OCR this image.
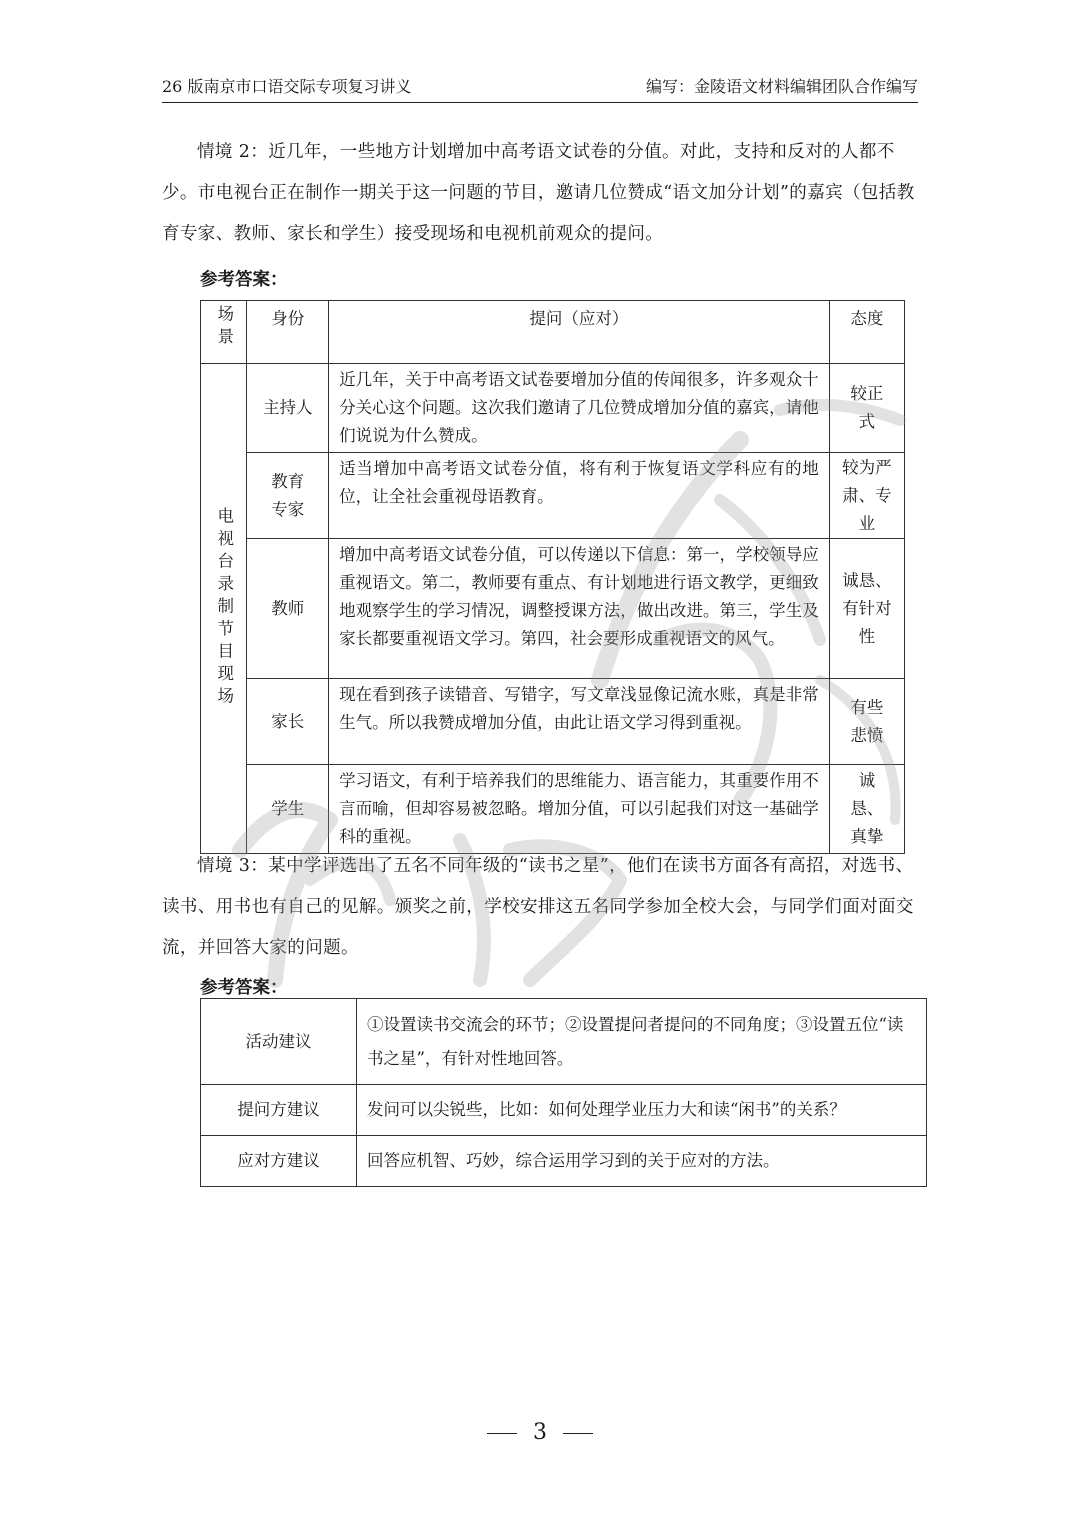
26 版南京市口语交际专项复习讲义	编写：金陵语文材料编辑团队合作编写

情境 2：近几年，一些地方计划增加中高考语文试卷的分值。对此，支持和反对的人都不少。市电视台正在制作一期关于这一问题的节目，邀请几位赞成“语文加分计划”的嘉宾（包括教育专家、教师、家长和学生）接受现场和电视机前观众的提问。

参考答案：
场景	身份	提问（应对）	态度

电视台录制节目现场	主持人	近几年，关于中高考语文试卷要增加分值的传闻很多，许多观众十分关心这个问题。这次我们邀请了几位赞成增加分值的嘉宾，请他们说说为什么赞成。	较正式

	教育专家	适当增加中高考语文试卷分值，将有利于恢复语文学科应有的地位，让全社会重视母语教育。	较为严肃、专业

	教师	增加中高考语文试卷分值，可以传递以下信息：第一，学校领导应重视语文。第二，教师要有重点、有计划地进行语文教学，更细致地观察学生的学习情况，调整授课方法，做出改进。第三，学生及家长都要重视语文学习。第四，社会要形成重视语文的风气。	诚恳、有针对性

	家长	现在看到孩子读错音、写错字，写文章浅显像记流水账，真是非常生气。所以我赞成增加分值，由此让语文学习得到重视。	有些悲愤

	学生	学习语文，有利于培养我们的思维能力、语言能力，其重要作用不言而喻，但却容易被忽略。增加分值，可以引起我们对这一基础学科的重视。	诚恳、真挚

情境 3：某中学评选出了五名不同年级的“读书之星”，他们在读书方面各有高招，对选书、读书、用书也有自己的见解。颁奖之前，学校安排这五名同学参加全校大会，与同学们面对面交流，并回答大家的问题。

参考答案：
活动建议	①设置读书交流会的环节；②设置提问者提问的不同角度；③设置五位“读书之星”，有针对性地回答。
提问方建议	发问可以尖锐些，比如：如何处理学业压力大和读“闲书”的关系？
应对方建议	回答应机智、巧妙，综合运用学习到的关于应对的方法。
3
